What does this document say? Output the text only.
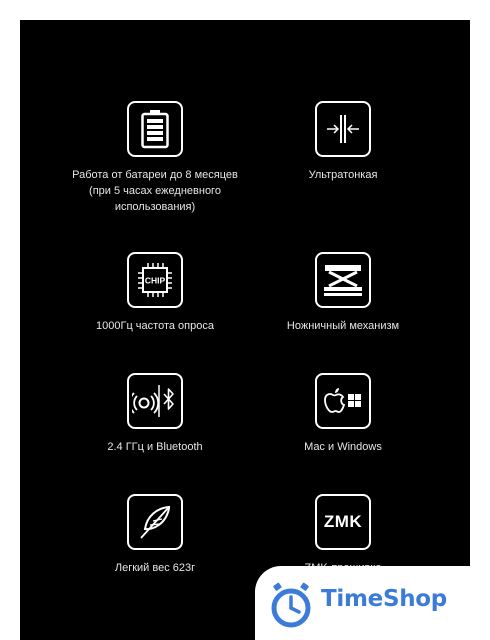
Работа от батареи до 8 месяцев
(при 5 часах ежедневного
использования)
Ультратонкая
CHIP
1000Гц частота опроса	Ножничный механизм
2.4 ГГц и Bluetooth	Mac и Windows
Легкий вес 623г
ZMK
TimeShop
